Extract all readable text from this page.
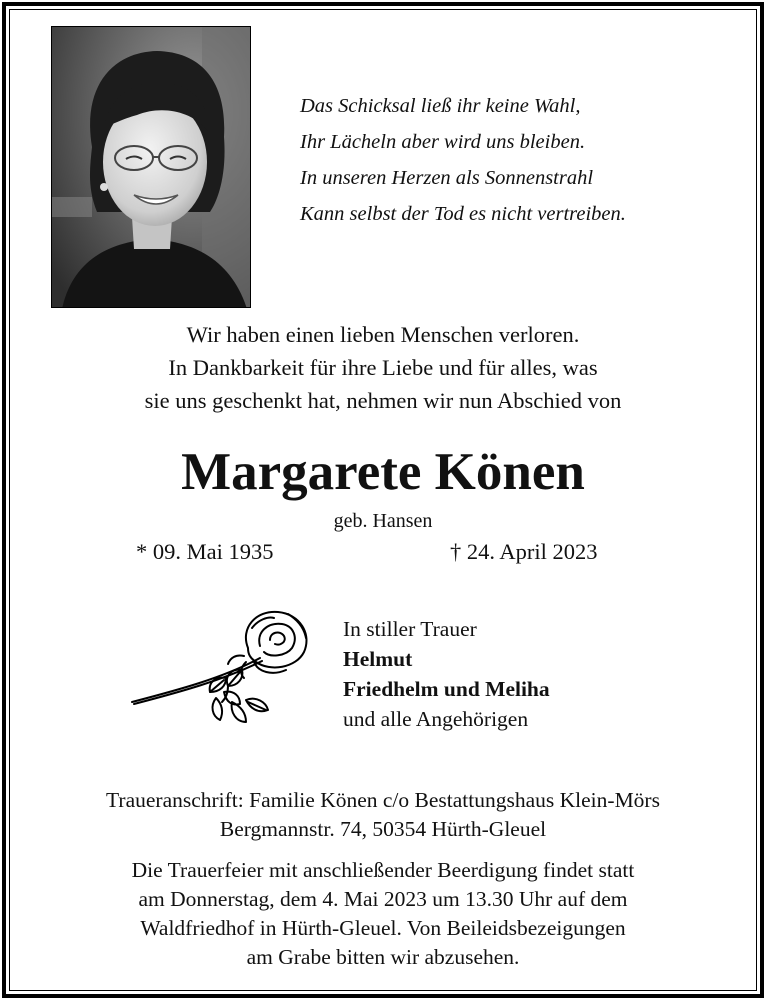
Das Schicksal ließ ihr keine Wahl,
Ihr Lächeln aber wird uns bleiben.
In unseren Herzen als Sonnenstrahl
Kann selbst der Tod es nicht vertreiben.
Wir haben einen lieben Menschen verloren.
In Dankbarkeit für ihre Liebe und für alles, was
sie uns geschenkt hat, nehmen wir nun Abschied von
Margarete Könen
geb. Hansen
* 09. Mai 1935	† 24. April 2023
In stiller Trauer
Helmut
Friedhelm und Meliha
und alle Angehörigen
Traueranschrift: Familie Könen c/o Bestattungshaus Klein-Mörs
Bergmannstr. 74, 50354 Hürth-Gleuel
Die Trauerfeier mit anschließender Beerdigung findet statt
am Donnerstag, dem 4. Mai 2023 um 13.30 Uhr auf dem
Waldfriedhof in Hürth-Gleuel. Von Beileidsbezeigungen
am Grabe bitten wir abzusehen.
